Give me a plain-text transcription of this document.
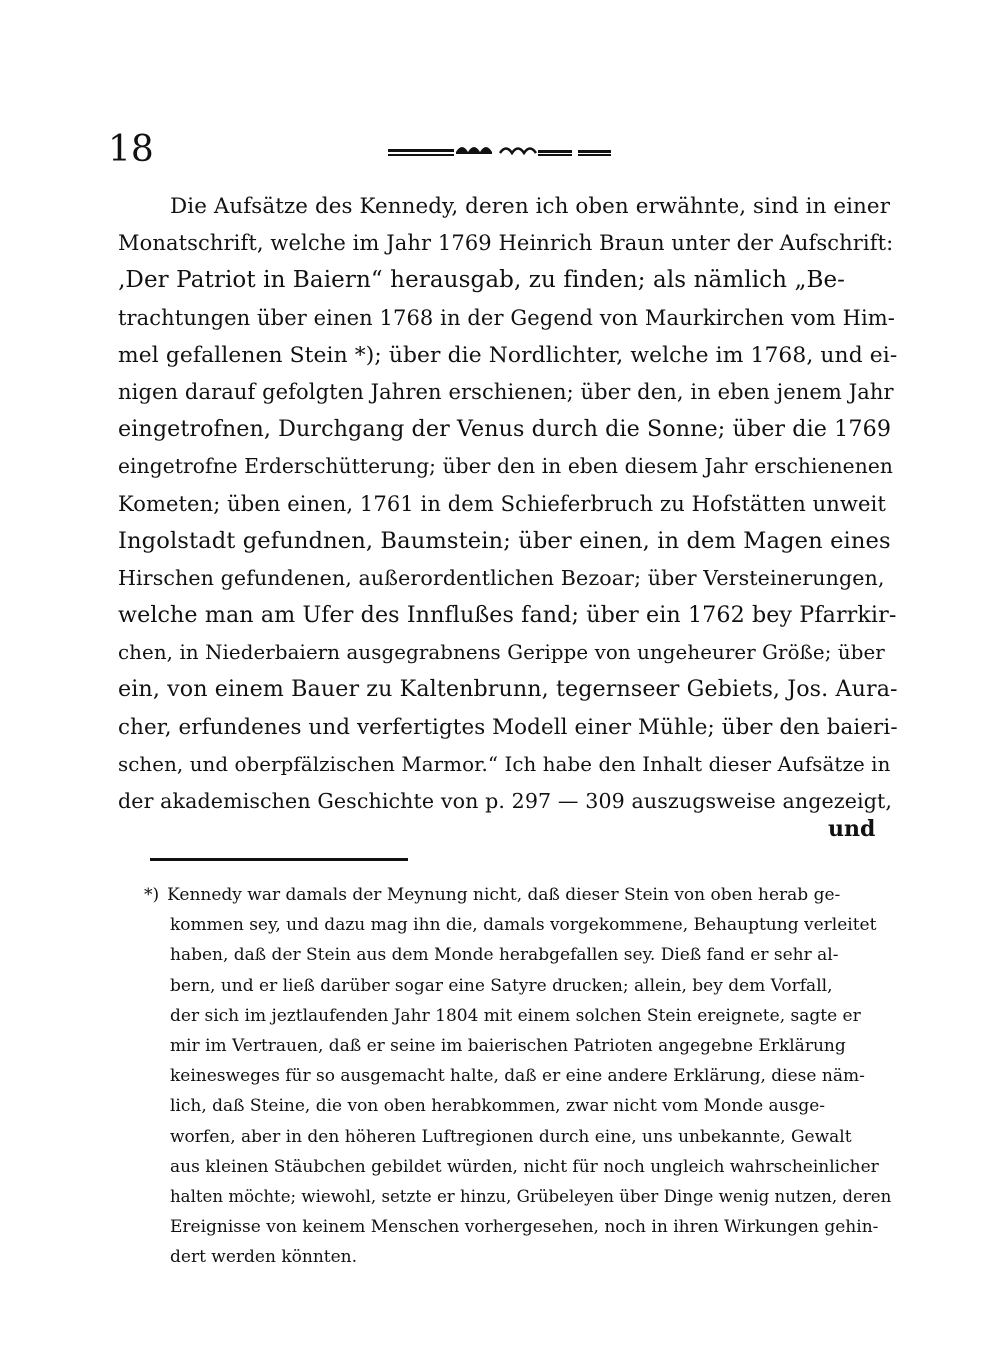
18
Die Aufsätze des Kennedy, deren ich oben erwähnte, sind in einer
Monatschrift, welche im Jahr 1769 Heinrich Braun unter der Aufschrift:
‚Der Patriot in Baiern“ herausgab, zu finden; als nämlich „Be-
trachtungen über einen 1768 in der Gegend von Maurkirchen vom Him-
mel gefallenen Stein *); über die Nordlichter, welche im 1768, und ei-
nigen darauf gefolgten Jahren erschienen; über den, in eben jenem Jahr
eingetrofnen, Durchgang der Venus durch die Sonne; über die 1769
eingetrofne Erderschütterung; über den in eben diesem Jahr erschienenen
Kometen; üben einen, 1761 in dem Schieferbruch zu Hofstätten unweit
Ingolstadt gefundnen, Baumstein; über einen, in dem Magen eines
Hirschen gefundenen, außerordentlichen Bezoar; über Versteinerungen,
welche man am Ufer des Innflußes fand; über ein 1762 bey Pfarrkir-
chen, in Niederbaiern ausgegrabnens Gerippe von ungeheurer Größe; über
ein, von einem Bauer zu Kaltenbrunn, tegernseer Gebiets, Jos. Aura-
cher, erfundenes und verfertigtes Modell einer Mühle; über den baieri-
schen, und oberpfälzischen Marmor.“ Ich habe den Inhalt dieser Aufsätze in
der akademischen Geschichte von p. 297 — 309 auszugsweise angezeigt,
und
*) Kennedy war damals der Meynung nicht, daß dieser Stein von oben herab ge-
kommen sey, und dazu mag ihn die, damals vorgekommene, Behauptung verleitet
haben, daß der Stein aus dem Monde herabgefallen sey. Dieß fand er sehr al-
bern, und er ließ darüber sogar eine Satyre drucken; allein, bey dem Vorfall,
der sich im jeztlaufenden Jahr 1804 mit einem solchen Stein ereignete, sagte er
mir im Vertrauen, daß er seine im baierischen Patrioten angegebne Erklärung
keinesweges für so ausgemacht halte, daß er eine andere Erklärung, diese näm-
lich, daß Steine, die von oben herabkommen, zwar nicht vom Monde ausge-
worfen, aber in den höheren Luftregionen durch eine, uns unbekannte, Gewalt
aus kleinen Stäubchen gebildet würden, nicht für noch ungleich wahrscheinlicher
halten möchte; wiewohl, setzte er hinzu, Grübeleyen über Dinge wenig nutzen, deren
Ereignisse von keinem Menschen vorhergesehen, noch in ihren Wirkungen gehin-
dert werden könnten.
